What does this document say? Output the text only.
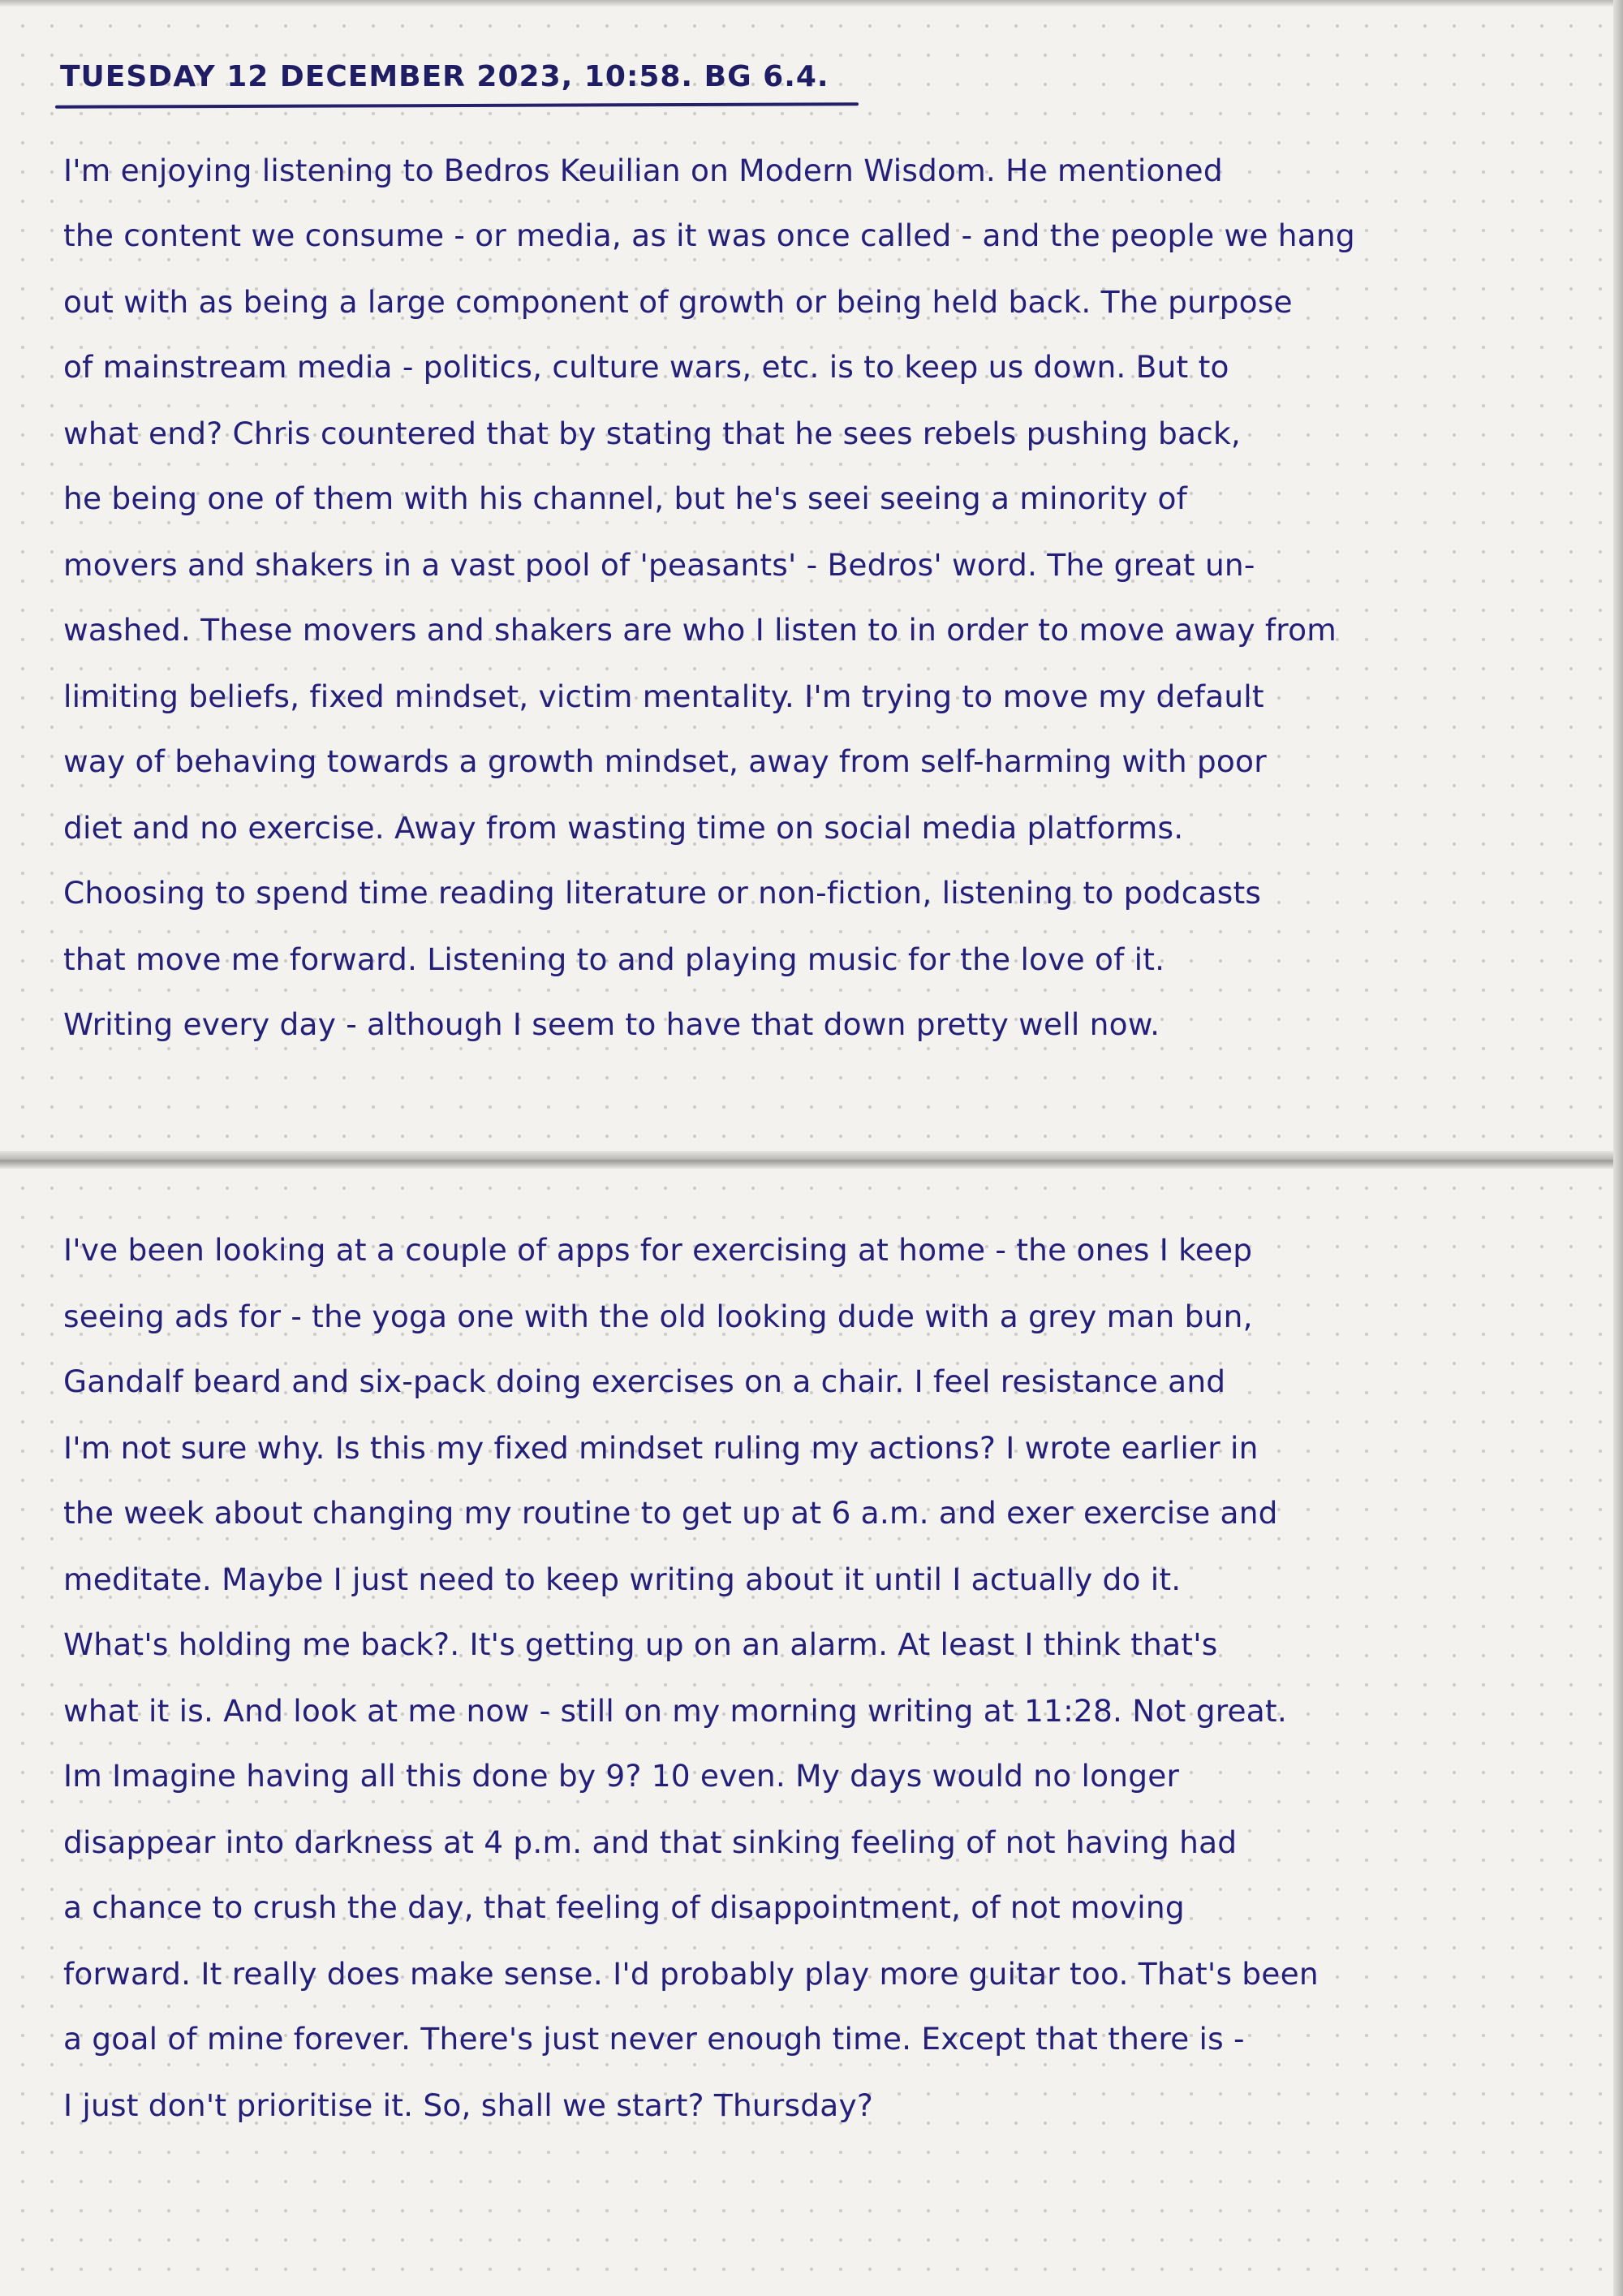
TUESDAY 12 DECEMBER 2023, 10:58. BG 6.4.
I'm enjoying listening to Bedros Keuilian on Modern Wisdom. He mentioned
the content we consume - or media, as it was once called - and the people we hang
out with as being a large component of growth or being held back. The purpose
of mainstream media - politics, culture wars, etc. is to keep us down. But to
what end? Chris countered that by stating that he sees rebels pushing back,
he being one of them with his channel, but he's seei seeing a minority of
movers and shakers in a vast pool of 'peasants' - Bedros' word. The great un-
washed. These movers and shakers are who I listen to in order to move away from
limiting beliefs, fixed mindset, victim mentality. I'm trying to move my default
way of behaving towards a growth mindset, away from self-harming with poor
diet and no exercise. Away from wasting time on social media platforms.
Choosing to spend time reading literature or non-fiction, listening to podcasts
that move me forward. Listening to and playing music for the love of it.
Writing every day - although I seem to have that down pretty well now.
I've been looking at a couple of apps for exercising at home - the ones I keep
seeing ads for - the yoga one with the old looking dude with a grey man bun,
Gandalf beard and six-pack doing exercises on a chair. I feel resistance and
I'm not sure why. Is this my fixed mindset ruling my actions? I wrote earlier in
the week about changing my routine to get up at 6 a.m. and exer exercise and
meditate. Maybe I just need to keep writing about it until I actually do it.
What's holding me back?. It's getting up on an alarm. At least I think that's
what it is. And look at me now - still on my morning writing at 11:28. Not great.
Im Imagine having all this done by 9? 10 even. My days would no longer
disappear into darkness at 4 p.m. and that sinking feeling of not having had
a chance to crush the day, that feeling of disappointment, of not moving
forward. It really does make sense. I'd probably play more guitar too. That's been
a goal of mine forever. There's just never enough time. Except that there is -
I just don't prioritise it. So, shall we start? Thursday?
